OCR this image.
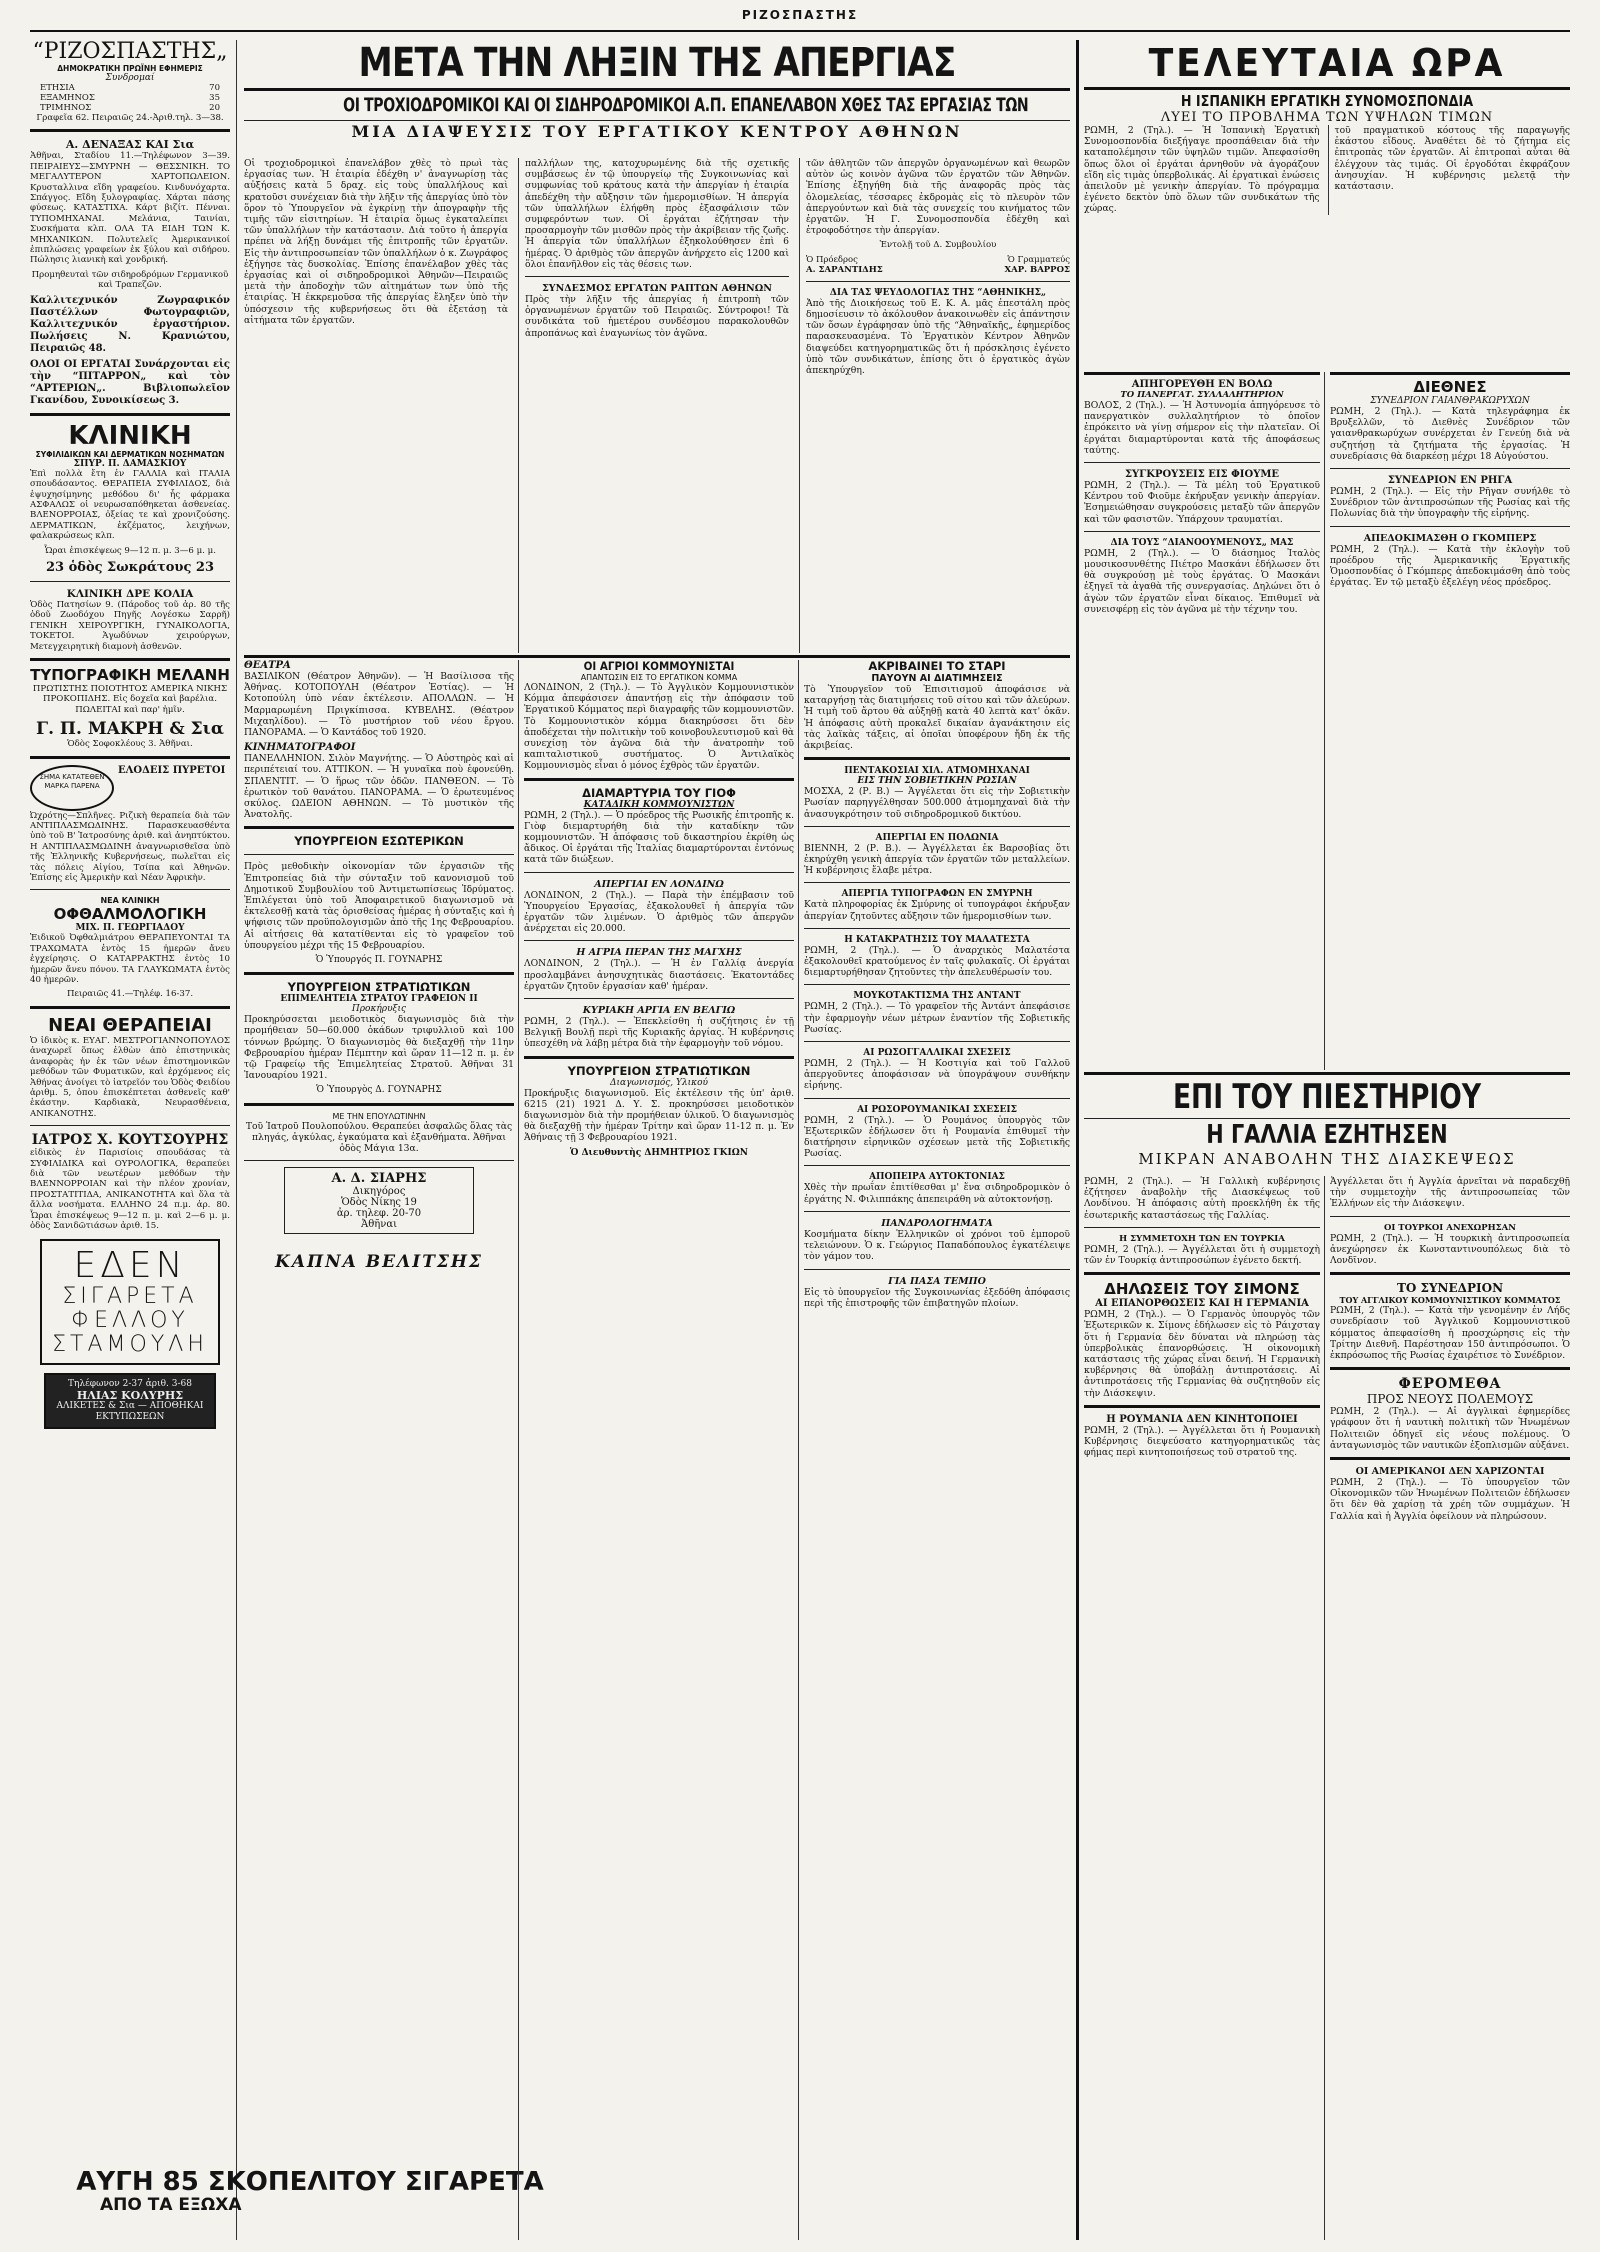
ΡΙΖΟΣΠΑΣΤΗΣ
“ΡΙΖΟΣΠΑΣΤΗΣ„
ΔΗΜΟΚΡΑΤΙΚΗ ΠΡΩΪΝΗ ΕΦΗΜΕΡΙΣ
Συνδρομαί
ΕΤΗΣΙΑ	70
ΕΞΑΜΗΝΟΣ	35
ΤΡΙΜΗΝΟΣ	20
Γραφεῖα 62. Πειραιῶς 24.-Ἀριθ.τηλ. 3—38.
Α. ΔΕΝΑΞΑΣ ΚΑΙ Σια
Ἀθῆναι, Σταδίου 11.—Τηλέφωνον 3—39. ΠΕΙΡΑΙΕΥΣ—ΣΜΥΡΝΗ — ΘΕΣΣΝΙΚΗ. ΤΟ ΜΕΓΑΛΥΤΕΡΟΝ ΧΑΡΤΟΠΩΛΕΙΟΝ. Κρυσταλλινα εἴδη γραφείου. Κινδυνόχαρτα. Σπάγγος. Εἴδη ξυλογραφίας. Χάρται πάσης φύσεως. ΚΑΤΑΣΤΙΧΑ. Κάρτ βιζίτ. Πένναι. ΤΥΠΟΜΗΧΑΝΑΙ. Μελάνια, Ταινίαι, Συσκήματα κλπ. ΟΛΑ ΤΑ ΕΙΔΗ ΤΩΝ Κ. ΜΗΧΑΝΙΚΩΝ. Πολυτελεῖς Ἀμερικανικοί ἐπιπλώσεις γραφείων ἐκ ξύλου καὶ σιδήρου. Πώλησις λιανικὴ καὶ χονδρική.
Προμηθευταὶ τῶν σιδηροδρόμων Γερμανικοῦ καὶ Τραπεζῶν.
Καλλιτεχνικόν Ζωγραφικόν Παστέλλων Φωτογραφιῶν, Καλλιτεχνικόν ἐργαστήριον. Πωλήσεις Ν. Κρανιώτου, Πειραιῶς 48.
ΟΛΟΙ ΟΙ ΕΡΓΑΤΑΙ Συνάρχονται εἰς τὴν “ΠΙΤΑΡΡΟΝ„ καὶ τὸν “ΑΡΤΕΡΙΩΝ„. Βιβλιοπωλεῖον Γκανίδου, Συνοικίσεως 3.
ΚΛΙΝΙΚΗ
ΣΥΦΙΛΙΔΙΚΩΝ ΚΑΙ ΔΕΡΜΑΤΙΚΩΝ ΝΟΣΗΜΑΤΩΝ
ΣΠΥΡ. Π. ΔΑΜΑΣΚΙΟΥ
Ἐπὶ πολλὰ ἔτη ἐν ΓΑΛΛΙΑ καὶ ΙΤΑΛΙΑ σπουδάσαντος. ΘΕΡΑΠΕΙΑ ΣΥΦΙΛΙΔΟΣ, διὰ ἑψυχησίμηνης μεθόδου δι' ἧς φάρμακα ΑΣΦΑΛΩΣ οἱ νευρωσαπόθηκεται ἀσθενείας. ΒΛΕΝΟΡΡΟΙΑΣ, ὀξείας τε καὶ χρονιζούσης. ΔΕΡΜΑΤΙΚΩΝ, ἐκζέματος, λειχήνων, φαλακρώσεως κλπ.
Ὧραι ἐπισκέψεως 9—12 π. μ. 3—6 μ. μ.
23 ὁδὸς Σωκράτους 23
ΚΛΙΝΙΚΗ ΔΡΕ ΚΟΛΙΑ
Ὁδὸς Πατησίων 9. (Πάροδος τοῦ ἀρ. 80 τῆς ὁδοῦ Ζωοδόχου Πηγῆς Λογέσκω Σαρρῆ) ΓΕΝΙΚΗ ΧΕΙΡΟΥΡΓΙΚΗ, ΓΥΝΑΙΚΟΛΟΓΙΑ, ΤΟΚΕΤΟΙ. Ἀγωδύνων χειρούργων, Μετεγχειρητικὴ διαμονὴ ἀσθενῶν.
ΤΥΠΟΓΡΑΦΙΚΗ ΜΕΛΑΝΗ
ΠΡΩΤΙΣΤΗΣ ΠΟΙΟΤΗΤΟΣ ΑΜΕΡΙΚΑ ΝΙΚΗΣ ΠΡΟΚΟΠΙΔΗΣ. Εἰς δοχεῖα καὶ βαρέλια. ΠΩΛΕΙΤΑΙ καὶ παρ' ἡμῖν.
Γ. Π. ΜΑΚΡΗ & Σια
Ὁδὸς Σοφοκλέους 3. Ἀθῆναι.
ΣΗΜΑ ΚΑΤΑΤΕΘΕΝ ΜΑΡΚΑ ΠΑΡΕΝΑ
ΕΛΟΔΕΙΣ ΠΥΡΕΤΟΙ
Ὠχρότης—Σπλῆνες. Ριζικὴ θεραπεία διὰ τῶν ΑΝΤΙΠΛΑΣΜΩΔΙΝΗΣ. Παρασκευασθέντα ὑπὸ τοῦ Β' Ἰατροσύνης ἀριθ. καὶ ἀνηπτύκτου. Η ΑΝΤΙΠΛΑΣΜΩΔΙΝΗ ἀναγνωρισθεῖσα ὑπὸ τῆς Ἑλληνικῆς Κυβερνήσεως, πωλεῖται εἰς τὰς πόλεις Αἰγίου, Τσίπα καὶ Ἀθηνῶν. Ἐπίσης εἰς Ἀμερικὴν καὶ Νέαν Ἀφρικὴν.
ΝΕΑ ΚΛΙΝΙΚΗ
ΟΦΘΑΛΜΟΛΟΓΙΚΗ
ΜΙΧ. Π. ΓΕΩΡΓΙΑΔΟΥ
Ἐιδικοῦ Ὀφθαλμιάτρου ΘΕΡΑΠΕΥΟΝΤΑΙ ΤΑ ΤΡΑΧΩΜΑΤΑ ἐντὸς 15 ἡμερῶν ἄνευ ἐγχείρησις. Ο ΚΑΤΑΡΡΑΚΤΗΣ ἐντὸς 10 ἡμερῶν ἄνευ πόνου. ΤΑ ΓΛΑΥΚΩΜΑΤΑ ἐντὸς 40 ἡμερῶν.
Πειραιῶς 41.—Τηλέφ. 16-37.
ΝΕΑΙ ΘΕΡΑΠΕΙΑΙ
Ὁ ἰδικὸς κ. ΕΥΑΓ. ΜΕΣΤΡΟΓΙΑΝΝΟΠΟΥΛΟΣ ἀναχωρεῖ ὅπως ἐλθὼν ἀπὸ ἐπιστηνικὰς ἀναφορὰς ἡν ἐκ τῶν νέων ἐπιστημονικῶν μεθόδων τῶν Φυματικῶν, καὶ ἐρχόμενος εἰς Ἀθήνας ἀνοίγει τὸ ἰατρεῖόν του Ὁδὸς Φειδίου ἀριθμ. 5, ὁπου ἐπισκέπτεται ἀσθενεῖς καθ' ἑκάστην. Καρδιακὰ, Νευρασθένεια, ΑΝΙΚΑΝΟΤΗΣ.
ΙΑΤΡΟΣ Χ. ΚΟΥΤΣΟΥΡΗΣ
εἰδικὸς ἐν Παρισίοις σπουδάσας τὰ ΣΥΦΙΛΙΔΙΚΑ καὶ ΟΥΡΟΛΟΓΙΚΑ, θεραπεύει διὰ τῶν νεωτέρων μεθόδων τὴν ΒΛΕΝΝΟΡΡΟΙΑΝ καὶ τὴν πλέον χρονίαν, ΠΡΟΣΤΑΤΙΤΙΔΑ, ΑΝΙΚΑΝΟΤΗΤΑ καὶ ὅλα τὰ ἄλλα νοσήματα. ΕΛΛΗΝΟ 24 π.μ. ἀρ. 80. Ὧραι ἐπισκέψεως 9—12 π. μ. καὶ 2—6 μ. μ. ὁδὸς Σανιδῶτιάσων ἀριθ. 15.
ΕΔΕΝ
ΣΙΓΑΡΕΤΑ
ΦΕΛΛΟΥ
ΣΤΑΜΟΥΛΗ
Τηλέφωνον 2-37 ἀριθ. 3-68
ΗΛΙΑΣ ΚΟΛΥΡΗΣ
ΑΛΙΚΕΤΕΣ & Σια — ΑΠΟΘΗΚΑΙ ΕΚΤΥΠΩΣΕΩΝ
ΑΥΓΗ 85 ΣΚΟΠΕΛΙΤΟΥ ΣΙΓΑΡΕΤΑ
ΑΠΟ ΤΑ ΕΞΩΧΑ
ΜΕΤΑ ΤΗΝ ΛΗΞΙΝ ΤΗΣ ΑΠΕΡΓΙΑΣ
ΟΙ ΤΡΟΧΙΟΔΡΟΜΙΚΟΙ ΚΑΙ ΟΙ ΣΙΔΗΡΟΔΡΟΜΙΚΟΙ Α.Π. ΕΠΑΝΕΛΑΒΟΝ ΧΘΕΣ ΤΑΣ ΕΡΓΑΣΙΑΣ ΤΩΝ
ΜΙΑ ΔΙΑΨΕΥΣΙΣ ΤΟΥ ΕΡΓΑΤΙΚΟΥ ΚΕΝΤΡΟΥ ΑΘΗΝΩΝ
Οἱ τροχιοδρομικοὶ ἐπανελάβον χθὲς τὸ πρωὶ τὰς ἐργασίας των. Ἡ ἑταιρία ἐδέχθη ν' ἀναγνωρίσῃ τὰς αὐξήσεις κατὰ 5 δραχ. εἰς τοὺς ὑπαλλήλους καὶ κρατοῦσι συνέχειαν διὰ τὴν λῆξιν τῆς ἀπεργίας ὑπὸ τὸν ὅρον τὸ Ὑπουργεῖον νὰ ἐγκρίνῃ τὴν ἀπογραφὴν τῆς τιμῆς τῶν εἰσιτηρίων. Ἡ ἑταιρία ὅμως ἐγκαταλείπει τῶν ὑπαλλήλων τὴν κατάστασιν. Διὰ τοῦτο ἡ ἀπεργία πρέπει νὰ λήξῃ δυνάμει τῆς ἐπιτροπῆς τῶν ἐργατῶν. Εἰς τὴν ἀντιπροσωπείαν τῶν ὑπαλλήλων ὁ κ. Ζωγράφος ἐξήγησε τὰς δυσκολίας. Ἐπίσης ἐπανέλαβον χθὲς τὰς ἐργασίας καὶ οἱ σιδηροδρομικοὶ Ἀθηνῶν—Πειραιῶς μετὰ τὴν ἀποδοχὴν τῶν αἰτημάτων των ὑπὸ τῆς ἑταιρίας. Ἡ ἐκκρεμοῦσα τῆς ἀπεργίας ἔληξεν ὑπὸ τὴν ὑπόσχεσιν τῆς κυβερνήσεως ὅτι θὰ ἐξετάσῃ τὰ αἰτήματα τῶν ἐργατῶν.
παλλήλων της, κατοχυρωμένης διὰ τῆς σχετικῆς συμβάσεως ἐν τῷ ὑπουργείῳ τῆς Συγκοινωνίας καὶ συμφωνίας τοῦ κράτους κατὰ τὴν ἀπεργίαν ἡ ἑταιρία ἀπεδέχθη τὴν αὔξησιν τῶν ἡμερομισθίων. Ἡ ἀπεργία τῶν ὑπαλλήλων ἐλήφθη πρὸς ἐξασφάλισιν τῶν συμφερόντων των. Οἱ ἐργάται ἐζήτησαν τὴν προσαρμογὴν τῶν μισθῶν πρὸς τὴν ἀκρίβειαν τῆς ζωῆς. Ἡ ἀπεργία τῶν ὑπαλλήλων ἐξηκολούθησεν ἐπὶ 6 ἡμέρας. Ὁ ἀριθμὸς τῶν ἀπεργῶν ἀνήρχετο εἰς 1200 καὶ ὅλοι ἐπανῆλθον εἰς τὰς θέσεις των.
ΣΥΝΔΕΣΜΟΣ ΕΡΓΑΤΩΝ ΡΑΠΤΩΝ ΑΘΗΝΩΝ
Πρὸς τὴν λῆξιν τῆς ἀπεργίας ἡ ἐπιτροπὴ τῶν ὀργανωμένων ἐργατῶν τοῦ Πειραιῶς. Σύντροφοι! Τὰ συνδικάτα τοῦ ἡμετέρου συνδέσμου παρακολουθῶν ἀπροπάνως καὶ ἐναγωνίως τὸν ἀγῶνα.
τῶν ἀθλητῶν τῶν ἀπεργῶν ὀργανωμένων καὶ θεωρῶν αὐτὸν ὡς κοινὸν ἀγῶνα τῶν ἐργατῶν τῶν Ἀθηνῶν. Ἐπίσης ἐξηγήθη διὰ τῆς ἀναφορᾶς πρὸς τὰς ὀλομελείας, τέσσαρες ἐκδρομὰς εἰς τὸ πλευρὸν τῶν ἀπεργούντων καὶ διὰ τὰς συνεχείς του κινήματος τῶν ἐργατῶν. Ἡ Γ. Συνομοσπονδία ἐδέχθη καὶ ἐτροφοδότησε τὴν ἀπεργίαν.
Ἐντολῇ τοῦ Δ. Συμβουλίου
Ὁ Πρόεδρος	Ὁ Γραμματεύς
Α. ΣΑΡΑΝΤΙΔΗΣ	ΧΑΡ. ΒΑΡΡΟΣ
ΔΙΑ ΤΑΣ ΨΕΥΔΟΛΟΓΙΑΣ ΤΗΣ “ΑΘΗΝΙΚΗΣ„
Ἀπὸ τῆς Διοικήσεως τοῦ Ε. Κ. Α. μᾶς ἐπεστάλη πρὸς δημοσίευσιν τὸ ἀκόλουθον ἀνακοινωθὲν εἰς ἀπάντησιν τῶν ὅσων ἐγράφησαν ὑπὸ τῆς “Ἀθηναϊκῆς„ ἐφημερίδος παρασκευασμένα. Τὸ Ἐργατικὸν Κέντρον Ἀθηνῶν διαψεύδει κατηγορηματικῶς ὅτι ἡ πρόσκλησις ἐγένετο ὑπὸ τῶν συνδικάτων, ἐπίσης ὅτι ὁ ἐργατικὸς ἀγὼν ἀπεκηρύχθη.
ΘΕΑΤΡΑ
ΒΑΣΙΛΙΚΟΝ (Θέατρον Ἀθηνῶν). — Ἡ Βασίλισσα τῆς Ἀθήνας. ΚΟΤΟΠΟΥΛΗ (Θέατρον Ἑστίας). — Ἡ Κοτοπούλη ὑπὸ νέαν ἐκτέλεσιν. ΑΠΟΛΛΩΝ. — Ἡ Μαρμαρωμένη Πριγκίπισσα. ΚΥΒΕΛΗΣ. (Θέατρον Μιχαηλίδου). — Τὸ μυστήριον τοῦ νέου ἔργου. ΠΑΝΟΡΑΜΑ. — Ὁ Καντάδος τοῦ 1920.
ΚΙΝΗΜΑΤΟΓΡΑΦΟΙ
ΠΑΝΕΛΛΗΝΙΟΝ. Σιλὸν Μαγνήτης. — Ὁ Αὐστηρὸς καὶ αἱ περιπέτειαί του. ΑΤΤΙΚΟΝ. — Ἡ γυναῖκα ποὺ ἐφονεύθη. ΣΠΛΕΝΤΙΤ. — Ὁ ἥρως τῶν ὁδῶν. ΠΑΝΘΕΟΝ. — Τὸ ἐρωτικὸν τοῦ θανάτου. ΠΑΝΟΡΑΜΑ. — Ὁ ἐρωτευμένος σκύλος. ΩΔΕΙΟΝ ΑΘΗΝΩΝ. — Τὸ μυστικὸν τῆς Ἀνατολῆς.
ΥΠΟΥΡΓΕΙΟΝ ΕΣΩΤΕΡΙΚΩΝ
Πρὸς μεθοδικὴν οἰκονομίαν τῶν ἐργασιῶν τῆς Ἐπιτροπείας διὰ τὴν σύνταξιν τοῦ κανονισμοῦ τοῦ Δημοτικοῦ Συμβουλίου τοῦ Ἀντιμετωπίσεως Ἰδρύματος. Ἐπιλέγεται ὑπὸ τοῦ Ἀποφαιρετικοῦ διαγωνισμοῦ νὰ ἐκτελεσθῇ κατὰ τὰς ὁρισθείσας ἡμέρας ἡ σύνταξις καὶ ἡ ψήφισις τῶν προϋπολογισμῶν ἀπὸ τῆς 1ης Φεβρουαρίου. Αἱ αἰτήσεις θὰ κατατίθενται εἰς τὸ γραφεῖον τοῦ ὑπουργείου μέχρι τῆς 15 Φεβρουαρίου.
Ὁ Ὑπουργός Π. ΓΟΥΝΑΡΗΣ
ΥΠΟΥΡΓΕΙΟΝ ΣΤΡΑΤΙΩΤΙΚΩΝ
ΕΠΙΜΕΛΗΤΕΙΑ ΣΤΡΑΤΟΥ ΓΡΑΦΕΙΟΝ ΙΙ
Προκήρυξις
Προκηρύσσεται μειοδοτικὸς διαγωνισμὸς διὰ τὴν προμήθειαν 50—60.000 ὀκάδων τριφυλλιοῦ καὶ 100 τόννων βρώμης. Ὁ διαγωνισμὸς θὰ διεξαχθῇ τὴν 11ην Φεβρουαρίου ἡμέραν Πέμπτην καὶ ὥραν 11—12 π. μ. ἐν τῷ Γραφείῳ τῆς Ἐπιμελητείας Στρατοῦ. Ἀθῆναι 31 Ἰανουαρίου 1921.
Ὁ Ὑπουργὸς Δ. ΓΟΥΝΑΡΗΣ
ΜΕ ΤΗΝ ΕΠΟΥΛΩΤΙΝΗΝ
Τοῦ Ἰατροῦ Πουλοπούλου. Θεραπεύει ἀσφαλῶς ὅλας τὰς πληγάς, ἀγκύλας, ἐγκαύματα καὶ ἐξανθήματα. Ἀθῆναι ὁδὸς Μάγια 13α.
Α. Δ. ΣΙΑΡΗΣ
Δικηγόρος
Ὁδὸς Νίκης 19
ἀρ. τηλεφ. 20-70
Ἀθῆναι
ΚΑΠΝΑ ΒΕΛΙΤΣΗΣ
ΟΙ ΑΓΡΙΟΙ ΚΟΜΜΟΥΝΙΣΤΑΙ
ΑΠΑΝΤΩΣΙΝ ΕΙΣ ΤΟ ΕΡΓΑΤΙΚΟΝ ΚΟΜΜΑ
ΛΟΝΔΙΝΟΝ, 2 (Τηλ.). — Τὸ Ἀγγλικὸν Κομμουνιστικὸν Κόμμα ἀπεφάσισεν ἀπαντήσῃ εἰς τὴν ἀπόφασιν τοῦ Ἐργατικοῦ Κόμματος περὶ διαγραφῆς τῶν κομμουνιστῶν. Τὸ Κομμουνιστικὸν κόμμα διακηρύσσει ὅτι δὲν ἀποδέχεται τὴν πολιτικὴν τοῦ κοινοβουλευτισμοῦ καὶ θὰ συνεχίσῃ τὸν ἀγῶνα διὰ τὴν ἀνατροπὴν τοῦ καπιταλιστικοῦ συστήματος. Ὁ Ἀντιλαϊκὸς Κομμουνισμὸς εἶναι ὁ μόνος ἐχθρὸς τῶν ἐργατῶν.
ΔΙΑΜΑΡΤΥΡΙΑ ΤΟΥ ΓΙΟΦ
ΚΑΤΑΔΙΚΗ ΚΟΜΜΟΥΝΙΣΤΩΝ
ΡΩΜΗ, 2 (Τηλ.). — Ὁ πρόεδρος τῆς Ρωσικῆς ἐπιτροπῆς κ. Γιὸφ διεμαρτυρήθη διὰ τὴν καταδίκην τῶν κομμουνιστῶν. Ἡ ἀπόφασις τοῦ δικαστηρίου ἐκρίθη ὡς ἄδικος. Οἱ ἐργάται τῆς Ἰταλίας διαμαρτύρονται ἐντόνως κατὰ τῶν διώξεων.
ΑΠΕΡΓΙΑΙ ΕΝ ΛΟΝΔΙΝΩ
ΛΟΝΔΙΝΟΝ, 2 (Τηλ.). — Παρὰ τὴν ἐπέμβασιν τοῦ Ὑπουργείου Ἐργασίας, ἐξακολουθεῖ ἡ ἀπεργία τῶν ἐργατῶν τῶν λιμένων. Ὁ ἀριθμὸς τῶν ἀπεργῶν ἀνέρχεται εἰς 20.000.
Η ΑΓΡΙΑ ΠΕΡΑΝ ΤΗΣ ΜΑΓΧΗΣ
ΛΟΝΔΙΝΟΝ, 2 (Τηλ.). — Ἡ ἐν Γαλλίᾳ ἀνεργία προσλαμβάνει ἀνησυχητικὰς διαστάσεις. Ἐκατοντάδες ἐργατῶν ζητοῦν ἐργασίαν καθ' ἡμέραν.
ΚΥΡΙΑΚΗ ΑΡΓΙΑ ΕΝ ΒΕΛΓΙΩ
ΡΩΜΗ, 2 (Τηλ.). — Ἐπεκλείσθη ἡ συζήτησις ἐν τῇ Βελγικῇ Βουλῇ περὶ τῆς Κυριακῆς ἀργίας. Ἡ κυβέρνησις ὑπεσχέθη νὰ λάβῃ μέτρα διὰ τὴν ἐφαρμογὴν τοῦ νόμου.
ΥΠΟΥΡΓΕΙΟΝ ΣΤΡΑΤΙΩΤΙΚΩΝ
Διαγωνισμός, Υλικού
Προκήρυξις διαγωνισμοῦ. Εἰς ἐκτέλεσιν τῆς ὑπ' ἀριθ. 6215 (21) 1921 Δ. Υ. Σ. προκηρύσσει μειοδοτικὸν διαγωνισμὸν διὰ τὴν προμήθειαν ὑλικοῦ. Ὁ διαγωνισμὸς θὰ διεξαχθῇ τὴν ἡμέραν Τρίτην καὶ ὥραν 11-12 π. μ. Ἐν Ἀθήναις τῇ 3 Φεβρουαρίου 1921.
Ὁ Διευθυντὴς ΔΗΜΗΤΡΙΟΣ ΓΚΙΩΝ
ΑΚΡΙΒΑΙΝΕΙ ΤΟ ΣΤΑΡΙ
ΠΑΥΟΥΝ ΑΙ ΔΙΑΤΙΜΗΣΕΙΣ
Τὸ Ὑπουργεῖον τοῦ Ἐπισιτισμοῦ ἀποφάσισε νὰ καταργήσῃ τὰς διατιμήσεις τοῦ σίτου καὶ τῶν ἀλεύρων. Ἡ τιμὴ τοῦ ἄρτου θὰ αὐξηθῇ κατὰ 40 λεπτὰ κατ' ὀκᾶν. Ἡ ἀπόφασις αὐτὴ προκαλεῖ δικαίαν ἀγανάκτησιν εἰς τὰς λαϊκὰς τάξεις, αἱ ὁποῖαι ὑποφέρουν ἤδη ἐκ τῆς ἀκριβείας.
ΠΕΝΤΑΚΟΣΙΑΙ ΧΙΛ. ΑΤΜΟΜΗΧΑΝΑΙ
ΕΙΣ ΤΗΝ ΣΟΒΙΕΤΙΚΗΝ ΡΩΣΙΑΝ
ΜΟΣΧΑ, 2 (Ρ. Β.) — Ἀγγέλεται ὅτι εἰς τὴν Σοβιετικὴν Ρωσίαν παρηγγέλθησαν 500.000 ἀτμομηχαναὶ διὰ τὴν ἀνασυγκρότησιν τοῦ σιδηροδρομικοῦ δικτύου.
ΑΠΕΡΓΙΑΙ ΕΝ ΠΟΛΩΝΙΑ
ΒΙΕΝΝΗ, 2 (Ρ. Β.). — Ἀγγέλλεται ἐκ Βαρσοβίας ὅτι ἐκηρύχθη γενικὴ ἀπεργία τῶν ἐργατῶν τῶν μεταλλείων. Ἡ κυβέρνησις ἔλαβε μέτρα.
ΑΠΕΡΓΙΑ ΤΥΠΟΓΡΑΦΩΝ ΕΝ ΣΜΥΡΝΗ
Κατὰ πληροφορίας ἐκ Σμύρνης οἱ τυπογράφοι ἐκήρυξαν ἀπεργίαν ζητοῦντες αὔξησιν τῶν ἡμερομισθίων των.
Η ΚΑΤΑΚΡΑΤΗΣΙΣ ΤΟΥ ΜΑΛΑΤΕΣΤΑ
ΡΩΜΗ, 2 (Τηλ.). — Ὁ ἀναρχικὸς Μαλατέστα ἐξακολουθεῖ κρατούμενος ἐν ταῖς φυλακαῖς. Οἱ ἐργάται διεμαρτυρήθησαν ζητοῦντες τὴν ἀπελευθέρωσίν του.
ΜΟΥΚΟΤΑΚΤΙΣΜΑ ΤΗΣ ΑΝΤΑΝΤ
ΡΩΜΗ, 2 (Τηλ.). — Τὸ γραφεῖον τῆς Ἀντάντ ἀπεφάσισε τὴν ἐφαρμογὴν νέων μέτρων ἐναντίον τῆς Σοβιετικῆς Ρωσίας.
ΑΙ ΡΩΣΟΓΓΑΛΛΙΚΑΙ ΣΧΕΣΕΙΣ
ΡΩΜΗ, 2 (Τηλ.). — Ἡ Κοστιγία καὶ τοῦ Γαλλοῦ ἀπεργοῦντες ἀποφάσισαν νὰ ὑπογράψουν συνθήκην εἰρήνης.
ΑΙ ΡΩΣΟΡΟΥΜΑΝΙΚΑΙ ΣΧΕΣΕΙΣ
ΡΩΜΗ, 2 (Τηλ.). — Ὁ Ρουμάνος ὑπουργὸς τῶν Ἐξωτερικῶν ἐδήλωσεν ὅτι ἡ Ρουμανία ἐπιθυμεῖ τὴν διατήρησιν εἰρηνικῶν σχέσεων μετὰ τῆς Σοβιετικῆς Ρωσίας.
ΑΠΟΠΕΙΡΑ ΑΥΤΟΚΤΟΝΙΑΣ
Χθὲς τὴν πρωΐαν ἐπιτίθεσθαι μ' ἕνα σιδηροδρομικὸν ὁ ἐργάτης Ν. Φιλιππάκης ἀπεπειράθη νὰ αὐτοκτονήσῃ.
ΠΑΝΔΡΟΛΟΓΗΜΑΤΑ
Κοσμήματα δίκην Ἑλληνικῶν οἱ χρόνοι τοῦ ἐμποροῦ τελειώνουν. Ὁ κ. Γεώργιος Παπαδόπουλος ἐγκατέλειψε τὸν γάμον του.
ΓΙΑ ΠΑΣΑ ΤΕΜΠΟ
Εἰς τὸ ὑπουργεῖον τῆς Συγκοινωνίας ἐξεδόθη ἀπόφασις περὶ τῆς ἐπιστροφῆς τῶν ἐπιβατηγῶν πλοίων.
ΤΕΛΕΥΤΑΙΑ ΩΡΑ
Η ΙΣΠΑΝΙΚΗ ΕΡΓΑΤΙΚΗ ΣΥΝΟΜΟΣΠΟΝΔΙΑ
ΛΥΕΙ ΤΟ ΠΡΟΒΛΗΜΑ ΤΩΝ ΥΨΗΛΩΝ ΤΙΜΩΝ
ΡΩΜΗ, 2 (Τηλ.). — Ἡ Ἰσπανικὴ Ἐργατικὴ Συνομοσπονδία διεξήγαγε προσπάθειαν διὰ τὴν καταπολέμησιν τῶν ὑψηλῶν τιμῶν. Ἀπεφασίσθη ὅπως ὅλοι οἱ ἐργάται ἀρνηθοῦν νὰ ἀγοράζουν εἴδη εἰς τιμὰς ὑπερβολικάς. Αἱ ἐργατικαὶ ἑνώσεις ἀπειλοῦν μὲ γενικὴν ἀπεργίαν. Τὸ πρόγραμμα ἐγένετο δεκτὸν ὑπὸ ὅλων τῶν συνδικάτων τῆς χώρας.
τοῦ πραγματικοῦ κόστους τῆς παραγωγῆς ἐκάστου εἴδους. Ἀναθέτει δὲ τὸ ζήτημα εἰς ἐπιτροπὰς τῶν ἐργατῶν. Αἱ ἐπιτροπαὶ αὗται θὰ ἐλέγχουν τὰς τιμάς. Οἱ ἐργοδόται ἐκφράζουν ἀνησυχίαν. Ἡ κυβέρνησις μελετᾷ τὴν κατάστασιν.
ΑΠΗΓΟΡΕΥΘΗ ΕΝ ΒΟΛΩ
ΤΟ ΠΑΝΕΡΓΑΤ. ΣΥΛΛΑΛΗΤΗΡΙΟΝ
ΒΟΛΟΣ, 2 (Τηλ.). — Ἡ Ἀστυνομία ἀπηγόρευσε τὸ πανεργατικὸν συλλαλητήριον τὸ ὁποῖον ἐπρόκειτο νὰ γίνῃ σήμερον εἰς τὴν πλατεῖαν. Οἱ ἐργάται διαμαρτύρονται κατὰ τῆς ἀποφάσεως ταύτης.
ΣΥΓΚΡΟΥΣΕΙΣ ΕΙΣ ΦΙΟΥΜΕ
ΡΩΜΗ, 2 (Τηλ.). — Τὰ μέλη τοῦ Ἐργατικοῦ Κέντρου τοῦ Φιοῦμε ἐκήρυξαν γενικὴν ἀπεργίαν. Ἐσημειώθησαν συγκρούσεις μεταξὺ τῶν ἀπεργῶν καὶ τῶν φασιστῶν. Ὑπάρχουν τραυματίαι.
ΔΙΑ ΤΟΥΣ “ΔΙΑΝΟΟΥΜΕΝΟΥΣ„ ΜΑΣ
ΡΩΜΗ, 2 (Τηλ.). — Ὁ διάσημος Ἰταλὸς μουσικοσυνθέτης Πιέτρο Μασκάνι ἐδήλωσεν ὅτι θὰ συγκρούσῃ μὲ τοὺς ἐργάτας. Ὁ Μασκάνι ἐξηγεῖ τὰ ἀγαθὰ τῆς συνεργασίας. Δηλώνει ὅτι ὁ ἀγὼν τῶν ἐργατῶν εἶναι δίκαιος. Ἐπιθυμεῖ νὰ συνεισφέρῃ εἰς τὸν ἀγῶνα μὲ τὴν τέχνην του.
ΔΙΕΘΝΕΣ
ΣΥΝΕΔΡΙΟΝ ΓΑΙΑΝΘΡΑΚΩΡΥΧΩΝ
ΡΩΜΗ, 2 (Τηλ.). — Κατὰ τηλεγράφημα ἐκ Βρυξελλῶν, τὸ Διεθνὲς Συνέδριον τῶν γαιανθρακωρύχων συνέρχεται ἐν Γενεύῃ διὰ νὰ συζητήσῃ τὰ ζητήματα τῆς ἐργασίας. Ἡ συνεδρίασις θὰ διαρκέσῃ μέχρι 18 Αὐγούστου.
ΣΥΝΕΔΡΙΟΝ ΕΝ ΡΗΓΑ
ΡΩΜΗ, 2 (Τηλ.). — Εἰς τὴν Ρῆγαν συνήλθε τὸ Συνέδριον τῶν ἀντιπροσώπων τῆς Ρωσίας καὶ τῆς Πολωνίας διὰ τὴν ὑπογραφὴν τῆς εἰρήνης.
ΑΠΕΔΟΚΙΜΑΣΘΗ Ο ΓΚΟΜΠΕΡΣ
ΡΩΜΗ, 2 (Τηλ.). — Κατὰ τὴν ἐκλογὴν τοῦ προέδρου τῆς Ἀμερικανικῆς Ἐργατικῆς Ὁμοσπονδίας ὁ Γκόμπερς ἀπεδοκιμάσθη ἀπὸ τοὺς ἐργάτας. Ἐν τῷ μεταξὺ ἐξελέγη νέος πρόεδρος.
ΕΠΙ ΤΟΥ ΠΙΕΣΤΗΡΙΟΥ
Η ΓΑΛΛΙΑ ΕΖΗΤΗΣΕΝ
ΜΙΚΡΑΝ ΑΝΑΒΟΛΗΝ ΤΗΣ ΔΙΑΣΚΕΨΕΩΣ
ΡΩΜΗ, 2 (Τηλ.). — Ἡ Γαλλικὴ κυβέρνησις ἐζήτησεν ἀναβολὴν τῆς Διασκέψεως τοῦ Λονδίνου. Ἡ ἀπόφασις αὐτὴ προεκλήθη ἐκ τῆς ἐσωτερικῆς καταστάσεως τῆς Γαλλίας.
Η ΣΥΜΜΕΤΟΧΗ ΤΩΝ ΕΝ ΤΟΥΡΚΙΑ
ΡΩΜΗ, 2 (Τηλ.). — Ἀγγέλλεται ὅτι ἡ συμμετοχὴ τῶν ἐν Τουρκίᾳ ἀντιπροσώπων ἐγένετο δεκτή.
ΔΗΛΩΣΕΙΣ ΤΟΥ ΣΙΜΟΝΣ
ΑΙ ΕΠΑΝΟΡΘΩΣΕΙΣ ΚΑΙ Η ΓΕΡΜΑΝΙΑ
ΡΩΜΗ, 2 (Τηλ.). — Ὁ Γερμανὸς ὑπουργὸς τῶν Ἐξωτερικῶν κ. Σίμονς ἐδήλωσεν εἰς τὸ Ράιχσταγ ὅτι ἡ Γερμανία δὲν δύναται νὰ πληρώσῃ τὰς ὑπερβολικὰς ἐπανορθώσεις. Ἡ οἰκονομικὴ κατάστασις τῆς χώρας εἶναι δεινή. Ἡ Γερμανικὴ κυβέρνησις θὰ ὑποβάλῃ ἀντιπροτάσεις. Αἱ ἀντιπροτάσεις τῆς Γερμανίας θὰ συζητηθοῦν εἰς τὴν Διάσκεψιν.
Η ΡΟΥΜΑΝΙΑ ΔΕΝ ΚΙΝΗΤΟΠΟΙΕΙ
ΡΩΜΗ, 2 (Τηλ.). — Ἀγγέλλεται ὅτι ἡ Ρουμανικὴ Κυβέρνησις διεψεύσατο κατηγορηματικῶς τὰς φήμας περὶ κινητοποιήσεως τοῦ στρατοῦ της.
Ἀγγέλλεται ὅτι ἡ Ἀγγλία ἀρνεῖται νὰ παραδεχθῇ τὴν συμμετοχὴν τῆς ἀντιπροσωπείας τῶν Ἐλλήνων εἰς τὴν Διάσκεψιν.
ΟΙ ΤΟΥΡΚΟΙ ΑΝΕΧΩΡΗΣΑΝ
ΡΩΜΗ, 2 (Τηλ.). — Ἡ τουρκικὴ ἀντιπροσωπεία ἀνεχώρησεν ἐκ Κωνσταντινουπόλεως διὰ τὸ Λονδῖνον.
ΤΟ ΣΥΝΕΔΡΙΟΝ
ΤΟΥ ΑΓΓΛΙΚΟΥ ΚΟΜΜΟΥΝΙΣΤΙΚΟΥ ΚΟΜΜΑΤΟΣ
ΡΩΜΗ, 2 (Τηλ.). — Κατὰ τὴν γενομένην ἐν Λήδς συνεδρίασιν τοῦ Ἀγγλικοῦ Κομμουνιστικοῦ κόμματος ἀπεφασίσθη ἡ προσχώρησις εἰς τὴν Τρίτην Διεθνῆ. Παρέστησαν 150 ἀντιπρόσωποι. Ὁ ἐκπρόσωπος τῆς Ρωσίας ἐχαιρέτισε τὸ Συνέδριον.
ΦΕΡΟΜΕΘΑ
ΠΡΟΣ ΝΕΟΥΣ ΠΟΛΕΜΟΥΣ
ΡΩΜΗ, 2 (Τηλ.). — Αἱ ἀγγλικαὶ ἐφημερίδες γράφουν ὅτι ἡ ναυτικὴ πολιτικὴ τῶν Ἡνωμένων Πολιτειῶν ὁδηγεῖ εἰς νέους πολέμους. Ὁ ἀνταγωνισμὸς τῶν ναυτικῶν ἐξοπλισμῶν αὐξάνει.
ΟΙ ΑΜΕΡΙΚΑΝΟΙ ΔΕΝ ΧΑΡΙΖΟΝΤΑΙ
ΡΩΜΗ, 2 (Τηλ.). — Τὸ ὑπουργεῖον τῶν Οἰκονομικῶν τῶν Ἡνωμένων Πολιτειῶν ἐδήλωσεν ὅτι δὲν θὰ χαρίσῃ τὰ χρέη τῶν συμμάχων. Ἡ Γαλλία καὶ ἡ Ἀγγλία ὀφείλουν νὰ πληρώσουν.
